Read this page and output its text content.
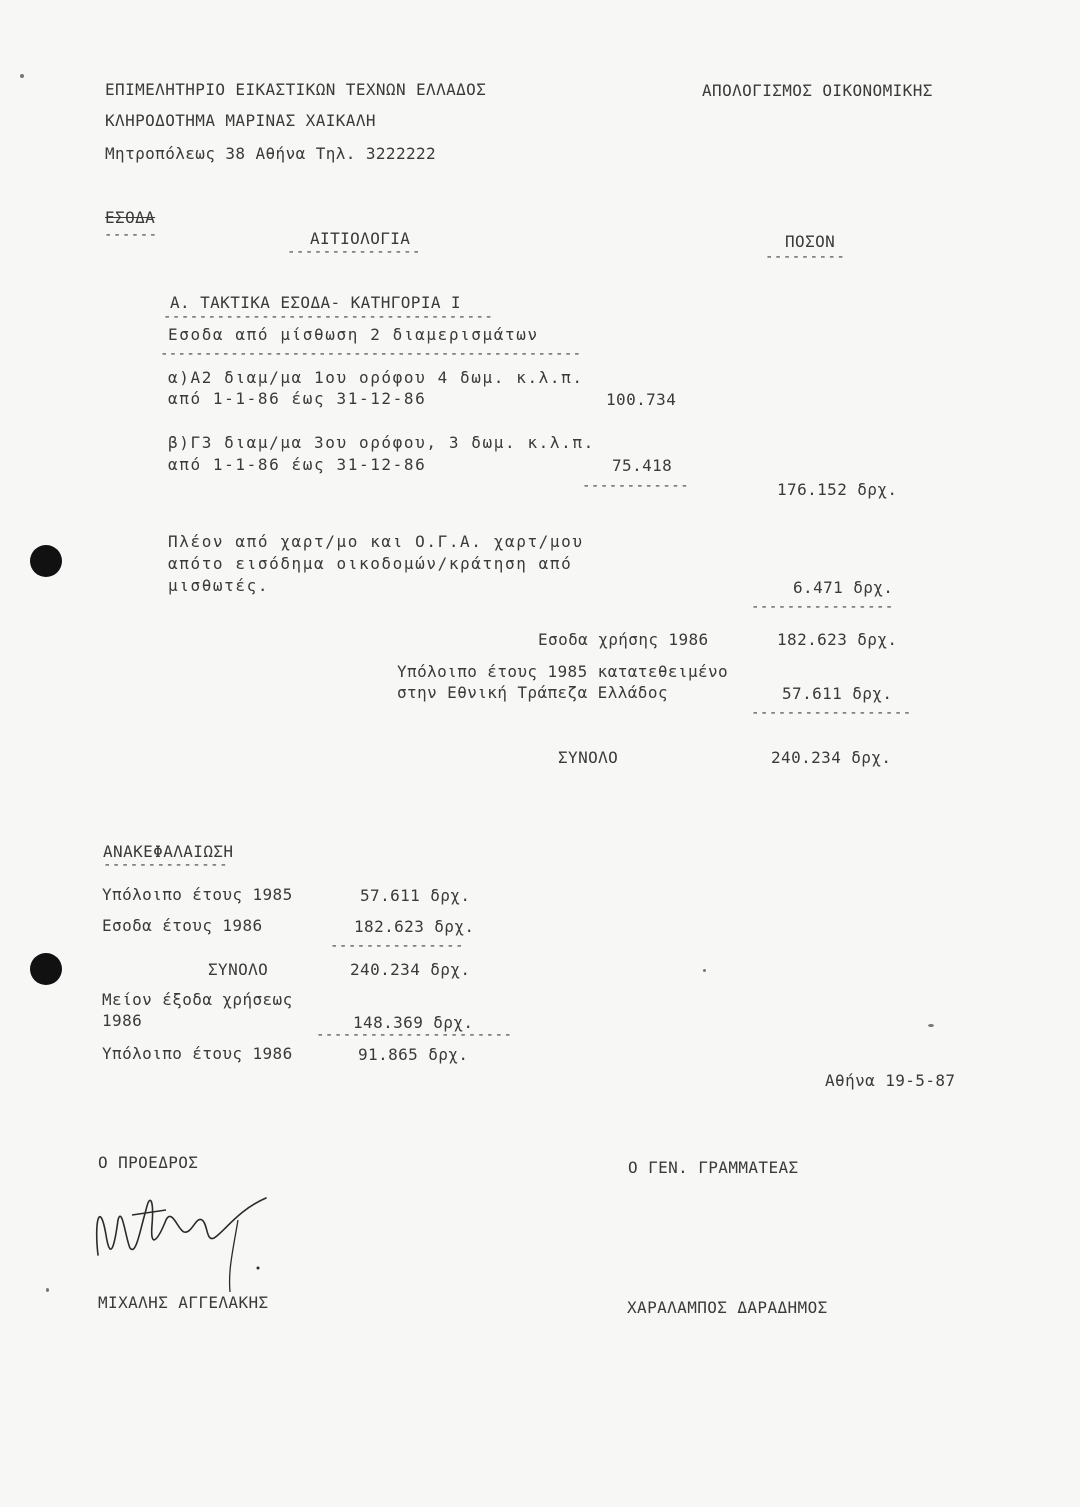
ΕΠΙΜΕΛΗΤΗΡΙΟ ΕΙΚΑΣΤΙΚΩΝ ΤΕΧΝΩΝ ΕΛΛΑΔΟΣ
ΚΛΗΡΟΔΟΤΗΜΑ ΜΑΡΙΝΑΣ ΧΑΙΚΑΛΗ
Μητροπόλεως 38 Αθήνα Τηλ. 3222222
ΑΠΟΛΟΓΙΣΜΟΣ ΟΙΚΟΝΟΜΙΚΗΣ
ΕΣΟΔΑ
------	ΑΙΤΙΟΛΟΓΙΑ
---------------
ΠΟΣΟΝ
---------
Α. ΤΑΚΤΙΚΑ ΕΣΟΔΑ- ΚΑΤΗΓΟΡΙΑ Ι
-------------------------------------
Εσοδα από μίσθωση 2 διαμερισμάτων
------------------------------------------------
α)Α2 διαμ/μα 1ου ορόφου 4 δωμ. κ.λ.π.
από 1-1-86 έως 31-12-86	100.734
β)Γ3 διαμ/μα 3ου ορόφου, 3 δωμ. κ.λ.π.
από 1-1-86 έως 31-12-86	75.418
------------	176.152 δρχ.
Πλέον από χαρτ/μο και Ο.Γ.Α. χαρτ/μου
απότο εισόδημα οικοδομών/κράτηση από
μισθωτές.	6.471 δρχ.
----------------
Εσοδα χρήσης 1986	182.623 δρχ.
Υπόλοιπο έτους 1985 κατατεθειμένο
στην Εθνική Τράπεζα Ελλάδος	57.611 δρχ.
------------------
ΣΥΝΟΛΟ	240.234 δρχ.
ΑΝΑΚΕΦΑΛΑΙΩΣΗ
--------------
Υπόλοιπο έτους 1985	57.611 δρχ.
Εσοδα έτους 1986	182.623 δρχ.
---------------
ΣΥΝΟΛΟ	240.234 δρχ.
Μείον έξοδα χρήσεως
1986	148.369 δρχ.
----------------------
Υπόλοιπο έτους 1986	91.865 δρχ.
Αθήνα 19-5-87
Ο ΠΡΟΕΔΡΟΣ	Ο ΓΕΝ. ΓΡΑΜΜΑΤΕΑΣ
ΜΙΧΑΛΗΣ ΑΓΓΕΛΑΚΗΣ	ΧΑΡΑΛΑΜΠΟΣ ΔΑΡΑΔΗΜΟΣ
